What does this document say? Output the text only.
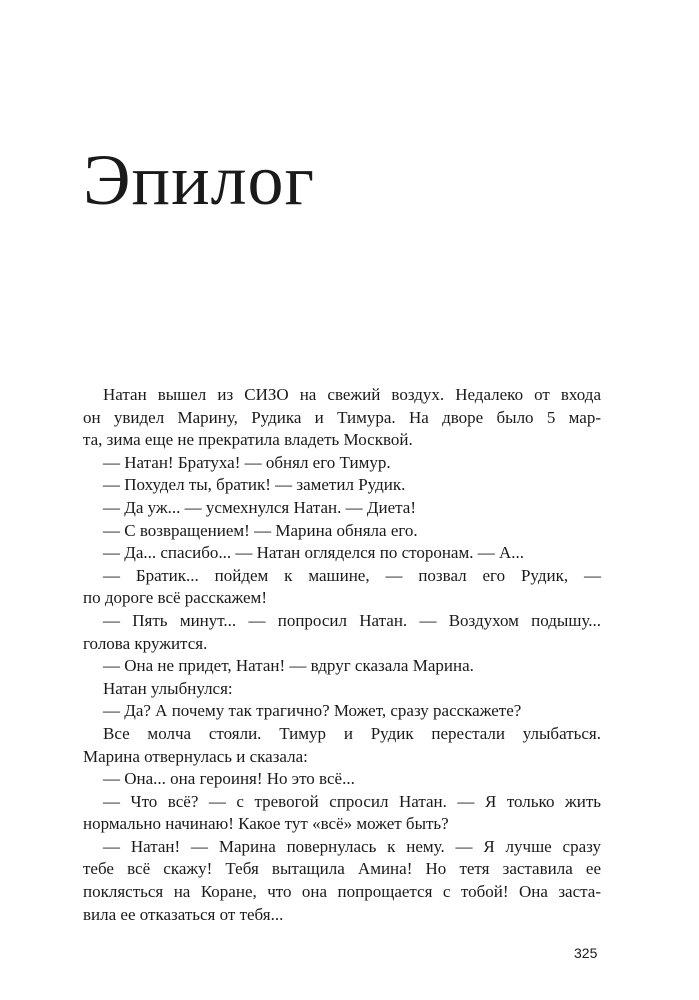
Эпилог
Натан вышел из СИЗО на свежий воздух. Недалеко от входа
он увидел Марину, Рудика и Тимура. На дворе было 5 мар-
та, зима еще не прекратила владеть Москвой.
— Натан! Братуха! — обнял его Тимур.
— Похудел ты, братик! — заметил Рудик.
— Да уж... — усмехнулся Натан. — Диета!
— С возвращением! — Марина обняла его.
— Да... спасибо... — Натан огляделся по сторонам. — А...
— Братик... пойдем к машине, — позвал его Рудик, —
по дороге всё расскажем!
— Пять минут... — попросил Натан. — Воздухом подышу...
голова кружится.
— Она не придет, Натан! — вдруг сказала Марина.
Натан улыбнулся:
— Да? А почему так трагично? Может, сразу расскажете?
Все молча стояли. Тимур и Рудик перестали улыбаться.
Марина отвернулась и сказала:
— Она... она героиня! Но это всё...
— Что всё? — с тревогой спросил Натан. — Я только жить
нормально начинаю! Какое тут «всё» может быть?
— Натан! — Марина повернулась к нему. — Я лучше сразу
тебе всё скажу! Тебя вытащила Амина! Но тетя заставила ее
поклясться на Коране, что она попрощается с тобой! Она заста-
вила ее отказаться от тебя...
325
